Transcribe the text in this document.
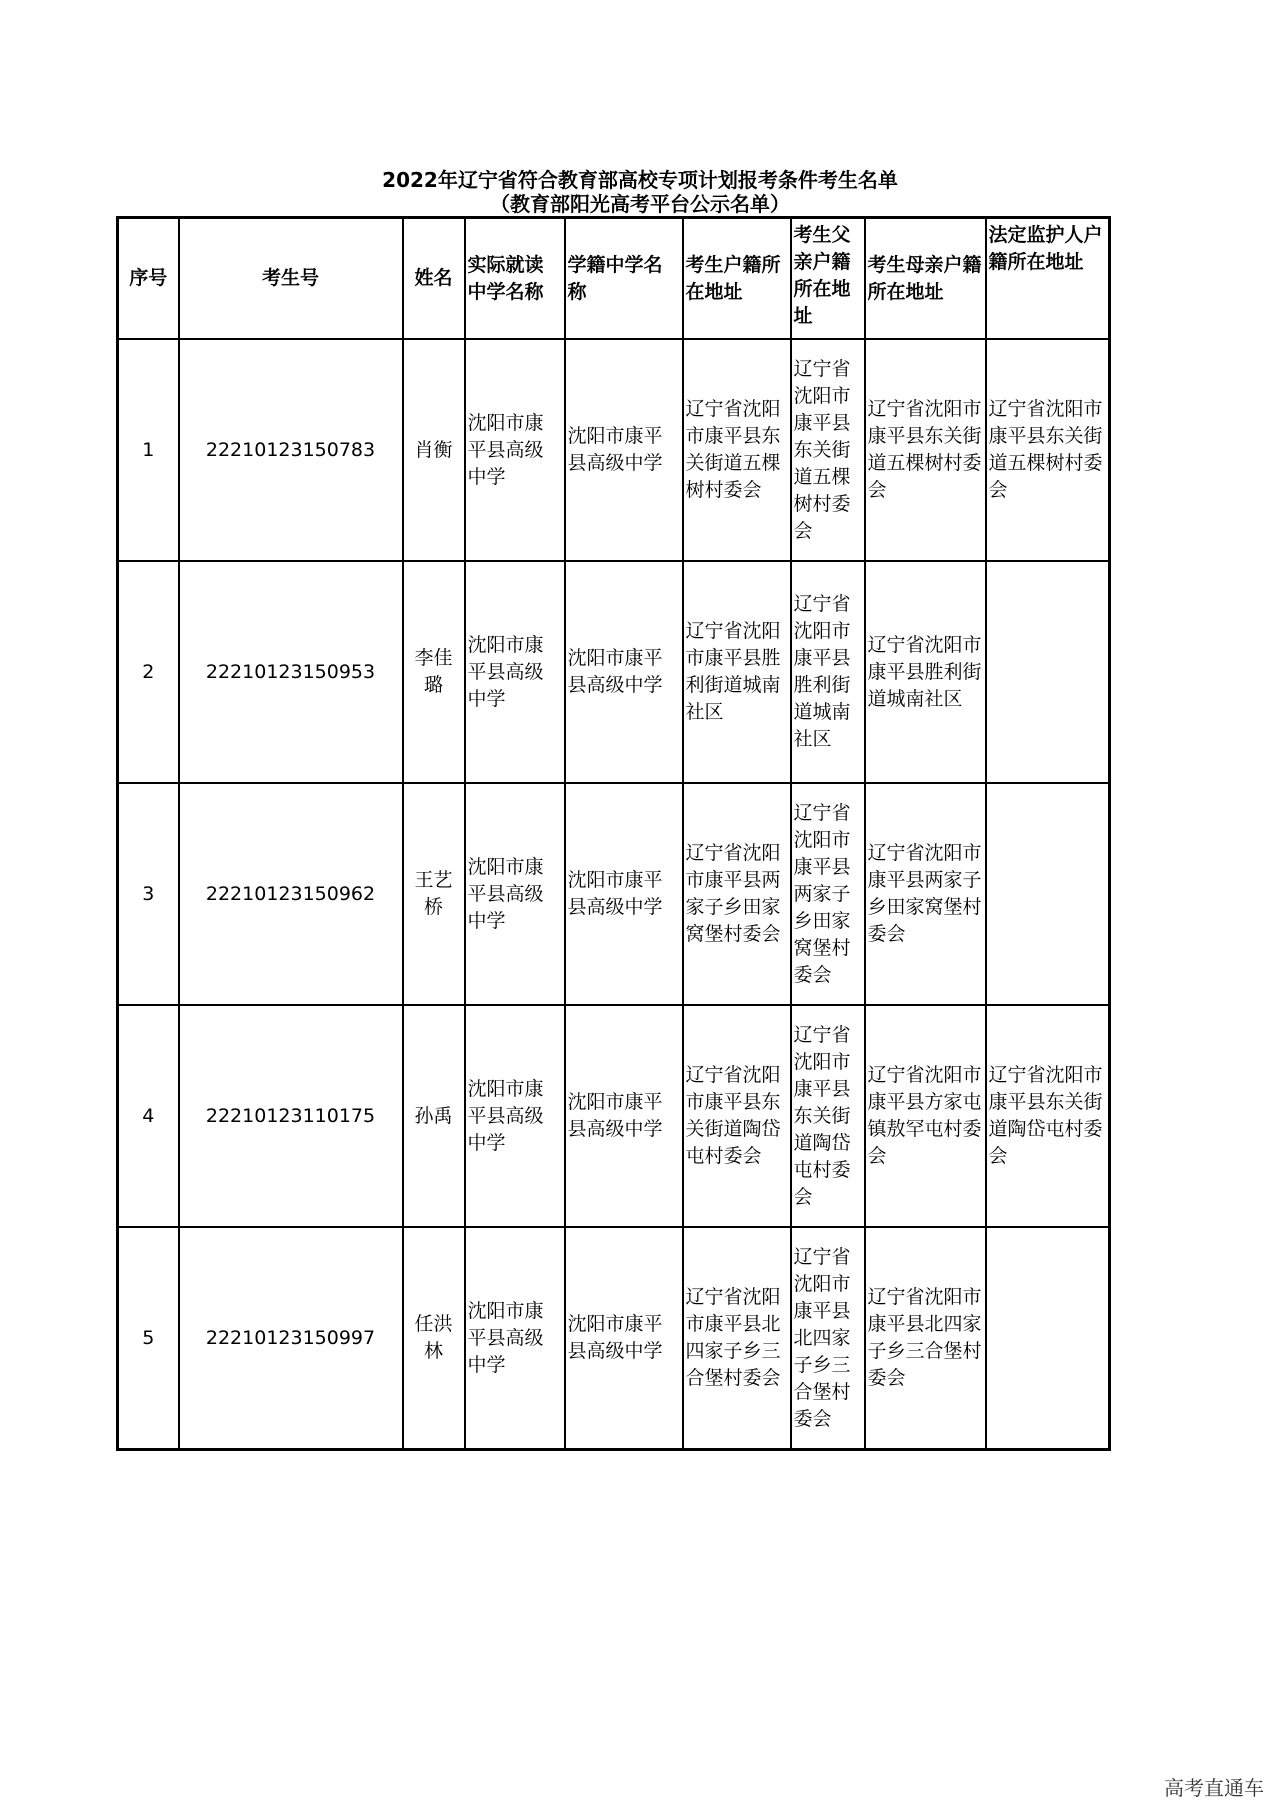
2022年辽宁省符合教育部高校专项计划报考条件考生名单
（教育部阳光高考平台公示名单）
序号	考生号	姓名	实际就读中学名称	学籍中学名称	考生户籍所在地址	考生父亲户籍所在地址	考生母亲户籍所在地址	法定监护人户籍所在地址
1	22210123150783	肖衡	沈阳市康平县高级中学	沈阳市康平县高级中学	辽宁省沈阳市康平县东关街道五棵树村委会	辽宁省沈阳市康平县东关街道五棵树村委会	辽宁省沈阳市康平县东关街道五棵树村委会	辽宁省沈阳市康平县东关街道五棵树村委会
2	22210123150953	李佳璐	沈阳市康平县高级中学	沈阳市康平县高级中学	辽宁省沈阳市康平县胜利街道城南社区	辽宁省沈阳市康平县胜利街道城南社区	辽宁省沈阳市康平县胜利街道城南社区	
3	22210123150962	王艺桥	沈阳市康平县高级中学	沈阳市康平县高级中学	辽宁省沈阳市康平县两家子乡田家窝堡村委会	辽宁省沈阳市康平县两家子乡田家窝堡村委会	辽宁省沈阳市康平县两家子乡田家窝堡村委会	
4	22210123110175	孙禹	沈阳市康平县高级中学	沈阳市康平县高级中学	辽宁省沈阳市康平县东关街道陶岱屯村委会	辽宁省沈阳市康平县东关街道陶岱屯村委会	辽宁省沈阳市康平县方家屯镇敖罕屯村委会	辽宁省沈阳市康平县东关街道陶岱屯村委会
5	22210123150997	任洪林	沈阳市康平县高级中学	沈阳市康平县高级中学	辽宁省沈阳市康平县北四家子乡三合堡村委会	辽宁省沈阳市康平县北四家子乡三合堡村委会	辽宁省沈阳市康平县北四家子乡三合堡村委会	
高考直通车
